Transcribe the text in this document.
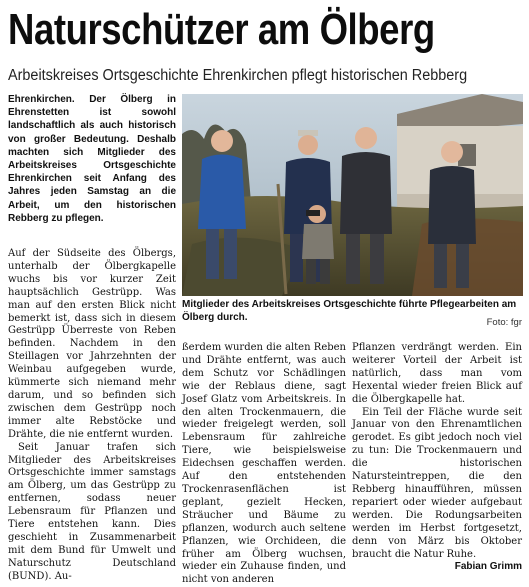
Naturschützer am Ölberg
Arbeitskreises Ortsgeschichte Ehrenkirchen pflegt historischen Rebberg
Ehrenkirchen. Der Ölberg in Ehrenstetten ist sowohl landschaftlich als auch historisch von großer Bedeutung. Deshalb machten sich Mitglieder des Arbeitskreises Ortsgeschichte Ehrenkirchen seit Anfang des Jahres jeden Samstag an die Arbeit, um den historischen Rebberg zu pflegen.

Auf der Südseite des Ölbergs, unterhalb der Ölbergkapelle wuchs bis vor kurzer Zeit hauptsächlich Gestrüpp. Was man auf den ersten Blick nicht bemerkt ist, dass sich in diesem Gestrüpp Überreste von Reben befinden. Nachdem in den Steillagen vor Jahrzehnten der Weinbau aufgegeben wurde, kümmerte sich niemand mehr darum, und so befinden sich zwischen dem Gestrüpp noch immer alte Rebstöcke und Drähte, die nie entfernt wurden.

Seit Januar trafen sich Mitglieder des Arbeitskreises Ortsgeschichte immer samstags am Ölberg, um das Gestrüpp zu entfernen, sodass neuer Lebensraum für Pflanzen und Tiere entstehen kann. Dies geschieht in Zusammenarbeit mit dem Bund für Umwelt und Naturschutz Deutschland (BUND). Au-

Mitglieder des Arbeitskreises Ortsgeschichte führte Pflegearbeiten am Ölberg durch.	Foto: fgr

ßerdem wurden die alten Reben und Drähte entfernt, was auch dem Schutz vor Schädlingen wie der Reblaus diene, sagt Josef Glatz vom Arbeitskreis. In den alten Trockenmauern, die wieder freigelegt werden, soll Lebensraum für zahlreiche Tiere, wie beispielsweise Eidechsen geschaffen werden. Auf den entstehenden Trockenrasenflächen ist geplant, gezielt Hecken, Sträucher und Bäume zu pflanzen, wodurch auch seltene Pflanzen, wie Orchideen, die früher am Ölberg wuchsen, wieder ein Zuhause finden, und nicht von anderen

Pflanzen verdrängt werden. Ein weiterer Vorteil der Arbeit ist natürlich, dass man vom Hexental wieder freien Blick auf die Ölbergkapelle hat.

Ein Teil der Fläche wurde seit Januar von den Ehrenamtlichen gerodet. Es gibt jedoch noch viel zu tun: Die Trockenmauern und die historischen Natursteintreppen, die den Rebberg hinaufführen, müssen repariert oder wieder aufgebaut werden. Die Rodungsarbeiten werden im Herbst fortgesetzt, denn von März bis Oktober braucht die Natur Ruhe.
Fabian Grimm
